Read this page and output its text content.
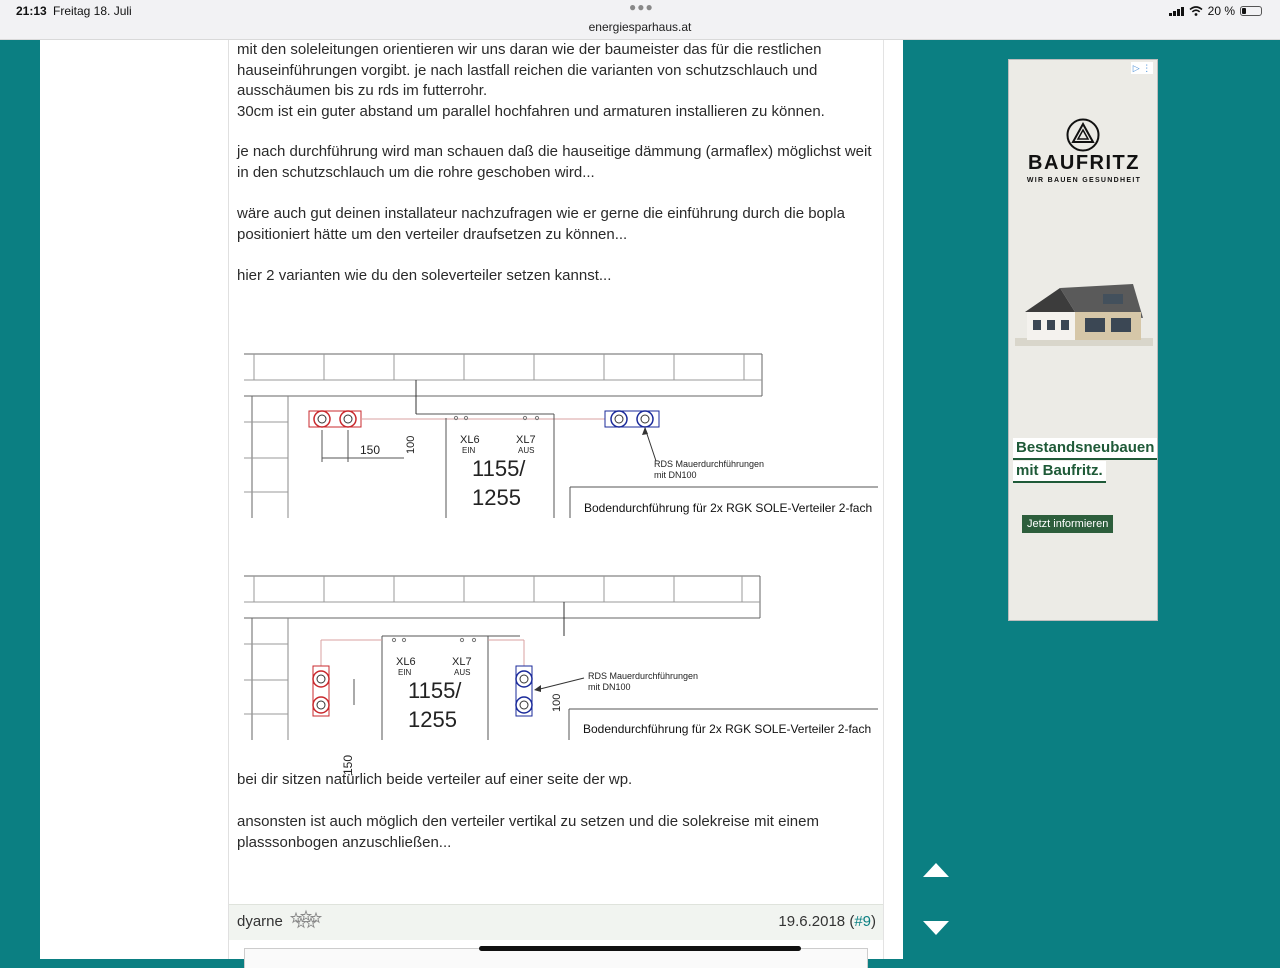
21:13 Freitag 18. Juli	●●●
energiesparhaus.at
20 %
mit den soleleitungen orientieren wir uns daran wie der baumeister das für die restlichen hauseinführungen vorgibt. je nach lastfall reichen die varianten von schutzschlauch und ausschäumen bis zu rds im futterrohr.
30cm ist ein guter abstand um parallel hochfahren und armaturen installieren zu können.
je nach durchführung wird man schauen daß die hauseitige dämmung (armaflex) möglichst weit in den schutzschlauch um die rohre geschoben wird...
wäre auch gut deinen installateur nachzufragen wie er gerne die einführung durch die bopla positioniert hätte um den verteiler draufsetzen zu können...
hier 2 varianten wie du den soleverteiler setzen kannst...
100
150
XL6
EIN
XL7
AUS
1155/
1255
RDS Mauerdurchführungen
mit DN100
Bodendurchführung für 2x RGK SOLE-Verteiler 2-fach
100
150
XL6
EIN
XL7
AUS
1155/
1255
RDS Mauerdurchführungen
mit DN100
Bodendurchführung für 2x RGK SOLE-Verteiler 2-fach
bei dir sitzen natürlich beide verteiler auf einer seite der wp.
ansonsten ist auch möglich den verteiler vertikal zu setzen und die solekreise mit einem plasssonbogen anzuschließen...
dyarne	19.6.2018 (#9)
▷ ⋮
BAUFRITZ
WIR BAUEN GESUNDHEIT
Bestandsneubauen
mit Baufritz.
Jetzt informieren
